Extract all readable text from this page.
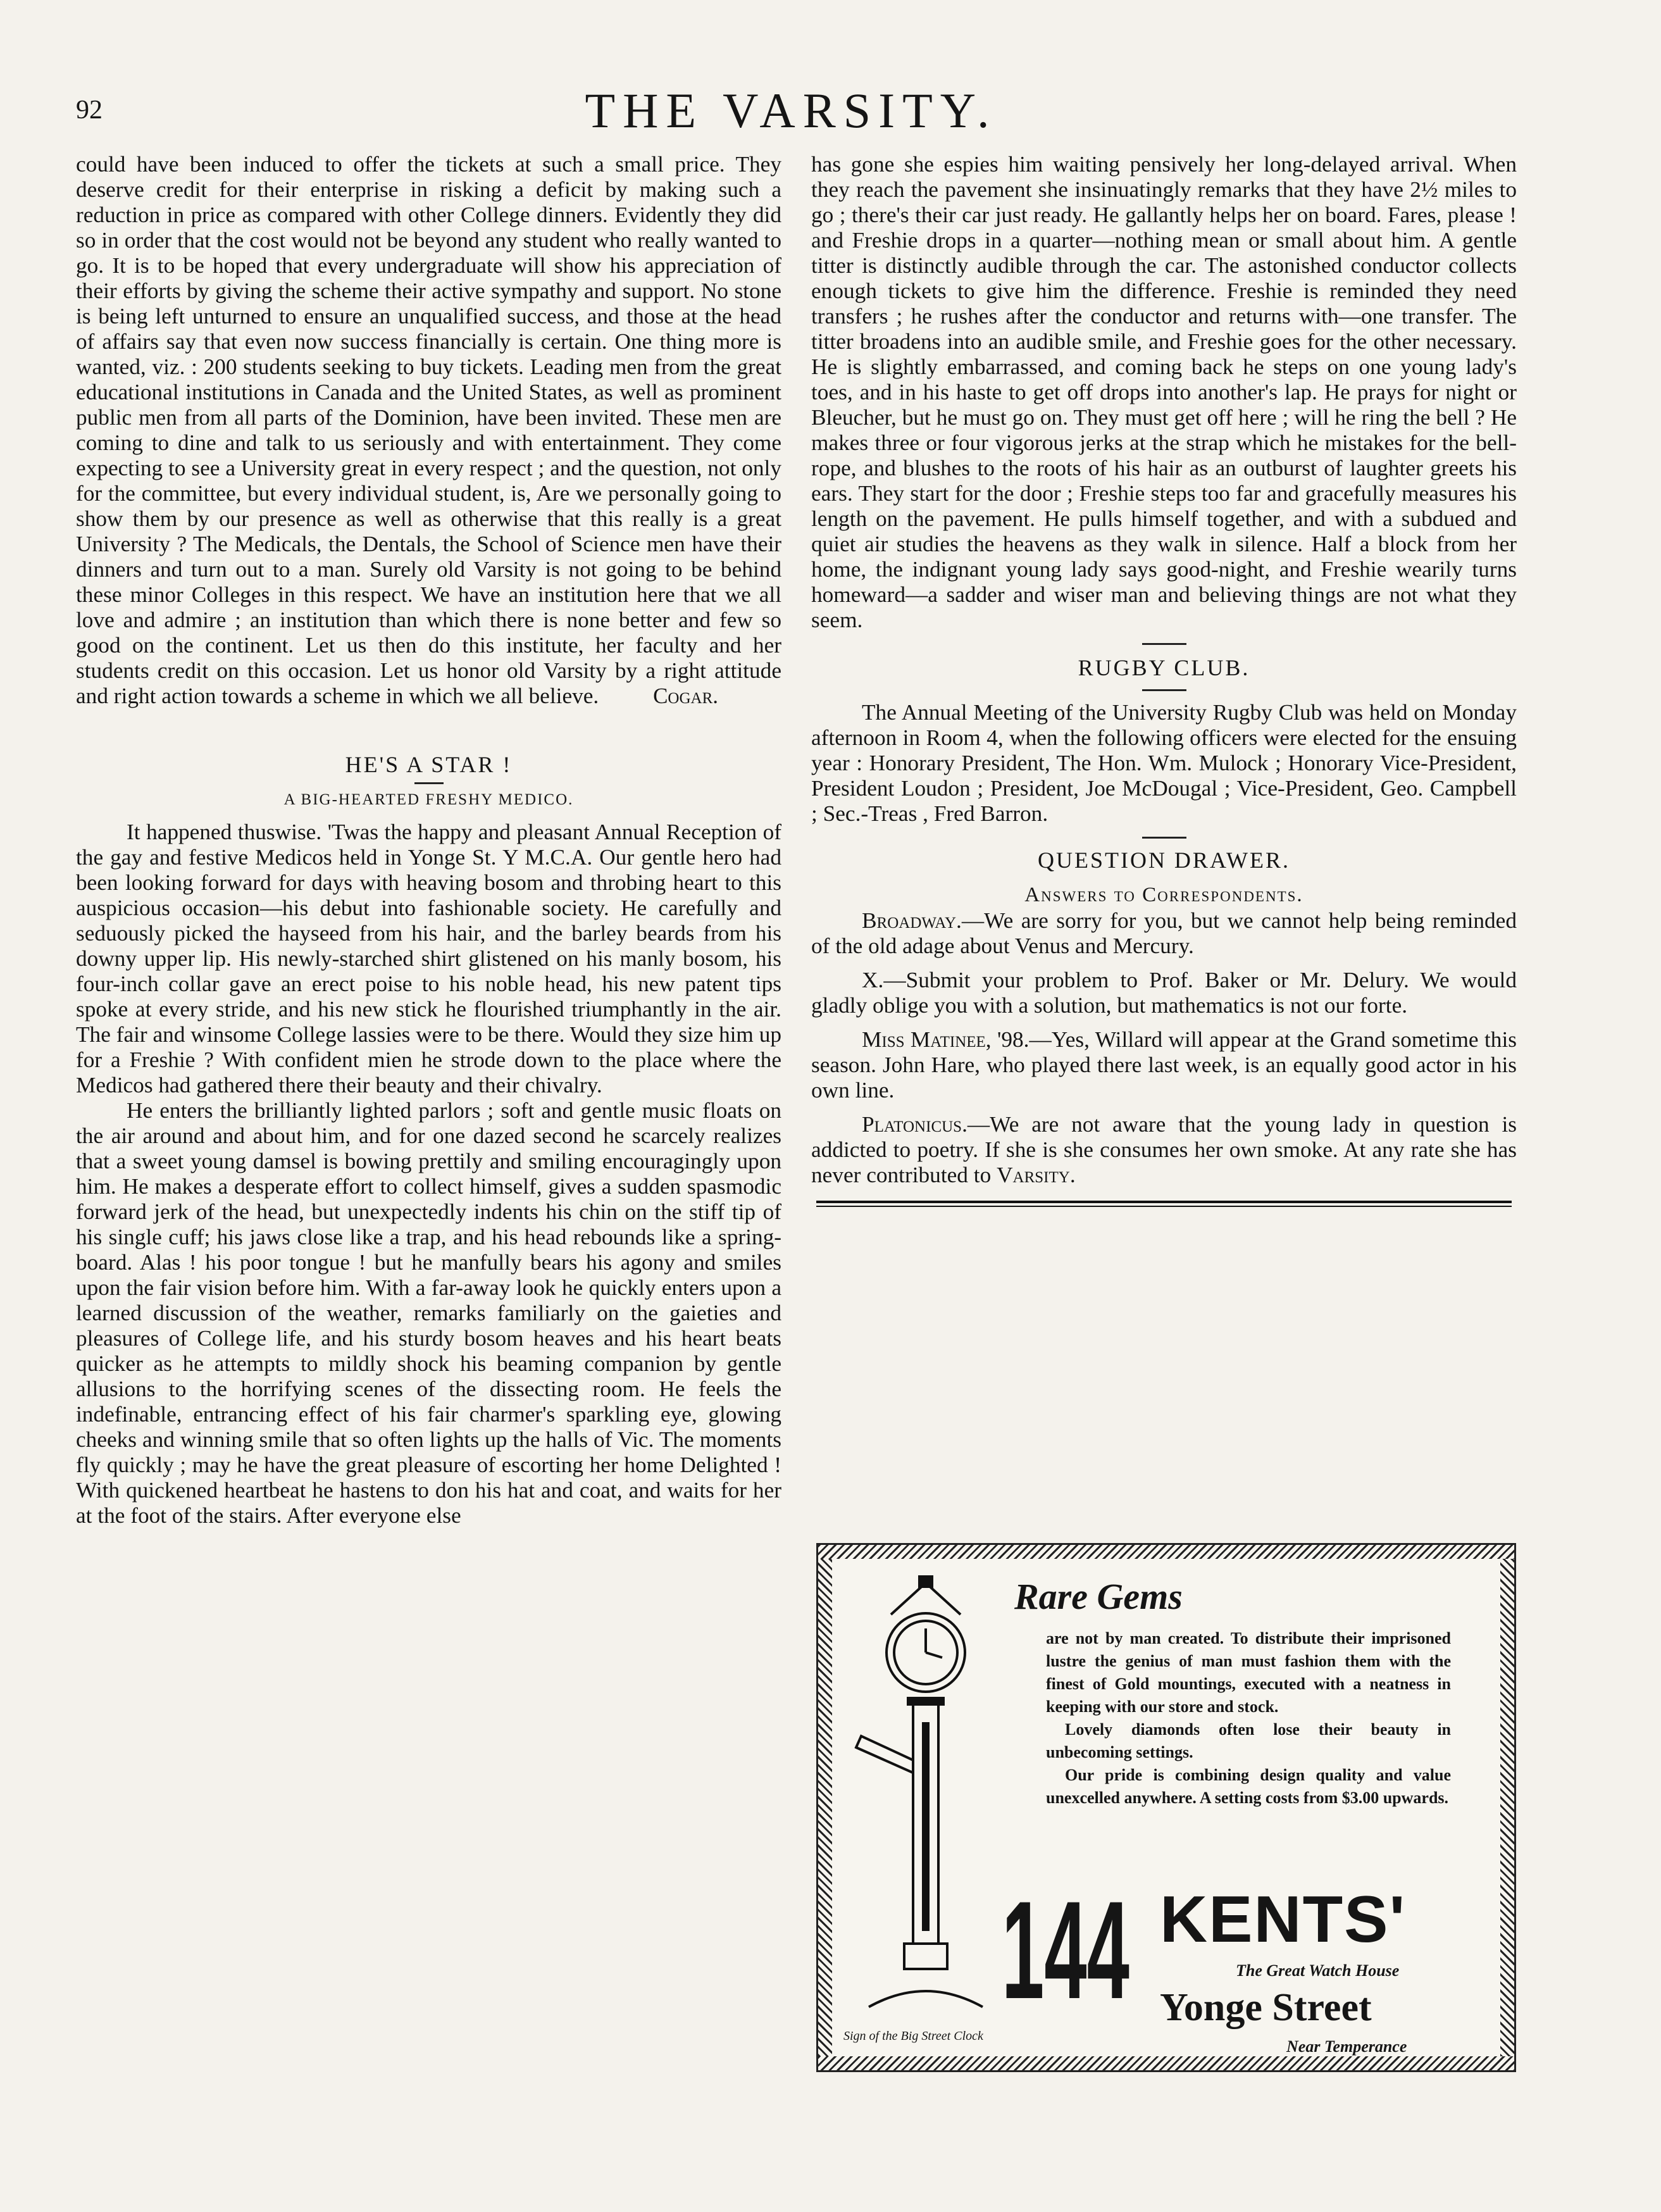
92	THE VARSITY.

could have been induced to offer the tickets at such a small price. They deserve credit for their enterprise in risking a deficit by making such a reduction in price as compared with other College dinners. Evidently they did so in order that the cost would not be beyond any student who really wanted to go. It is to be hoped that every undergraduate will show his appreciation of their efforts by giving the scheme their active sympathy and support. No stone is being left unturned to ensure an unqualified success, and those at the head of affairs say that even now success financially is certain. One thing more is wanted, viz. : 200 students seeking to buy tickets. Leading men from the great educational institutions in Canada and the United States, as well as prominent public men from all parts of the Dominion, have been invited. These men are coming to dine and talk to us seriously and with entertainment. They come expecting to see a University great in every respect ; and the question, not only for the committee, but every individual student, is, Are we personally going to show them by our presence as well as otherwise that this really is a great University ? The Medicals, the Dentals, the School of Science men have their dinners and turn out to a man. Surely old Varsity is not going to be behind these minor Colleges in this respect. We have an institution here that we all love and admire ; an institution than which there is none better and few so good on the continent. Let us then do this institute, her faculty and her students credit on this occasion. Let us honor old Varsity by a right attitude and right action towards a scheme in which we all believe.	Cogar.
HE'S A STAR !
A BIG-HEARTED FRESHY MEDICO.

It happened thuswise. 'Twas the happy and pleasant Annual Reception of the gay and festive Medicos held in Yonge St. Y M.C.A. Our gentle hero had been looking forward for days with heaving bosom and throbing heart to this auspicious occasion—his debut into fashionable society. He carefully and seduously picked the hayseed from his hair, and the barley beards from his downy upper lip. His newly-starched shirt glistened on his manly bosom, his four-inch collar gave an erect poise to his noble head, his new patent tips spoke at every stride, and his new stick he flourished triumphantly in the air. The fair and winsome College lassies were to be there. Would they size him up for a Freshie ? With confident mien he strode down to the place where the Medicos had gathered there their beauty and their chivalry.

He enters the brilliantly lighted parlors ; soft and gentle music floats on the air around and about him, and for one dazed second he scarcely realizes that a sweet young damsel is bowing prettily and smiling encouragingly upon him. He makes a desperate effort to collect himself, gives a sudden spasmodic forward jerk of the head, but unexpectedly indents his chin on the stiff tip of his single cuff; his jaws close like a trap, and his head rebounds like a spring-board. Alas ! his poor tongue ! but he manfully bears his agony and smiles upon the fair vision before him. With a far-away look he quickly enters upon a learned discussion of the weather, remarks familiarly on the gaieties and pleasures of College life, and his sturdy bosom heaves and his heart beats quicker as he attempts to mildly shock his beaming companion by gentle allusions to the horrifying scenes of the dissecting room. He feels the indefinable, entrancing effect of his fair charmer's sparkling eye, glowing cheeks and winning smile that so often lights up the halls of Vic. The moments fly quickly ; may he have the great pleasure of escorting her home Delighted ! With quickened heartbeat he hastens to don his hat and coat, and waits for her at the foot of the stairs. After everyone else

has gone she espies him waiting pensively her long-delayed arrival. When they reach the pavement she insinuatingly remarks that they have 2½ miles to go ; there's their car just ready. He gallantly helps her on board. Fares, please ! and Freshie drops in a quarter—nothing mean or small about him. A gentle titter is distinctly audible through the car. The astonished conductor collects enough tickets to give him the difference. Freshie is reminded they need transfers ; he rushes after the conductor and returns with—one transfer. The titter broadens into an audible smile, and Freshie goes for the other necessary. He is slightly embarrassed, and coming back he steps on one young lady's toes, and in his haste to get off drops into another's lap. He prays for night or Bleucher, but he must go on. They must get off here ; will he ring the bell ? He makes three or four vigorous jerks at the strap which he mistakes for the bell-rope, and blushes to the roots of his hair as an outburst of laughter greets his ears. They start for the door ; Freshie steps too far and gracefully measures his length on the pavement. He pulls himself together, and with a subdued and quiet air studies the heavens as they walk in silence. Half a block from her home, the indignant young lady says good-night, and Freshie wearily turns homeward—a sadder and wiser man and believing things are not what they seem.

RUGBY CLUB.

The Annual Meeting of the University Rugby Club was held on Monday afternoon in Room 4, when the following officers were elected for the ensuing year : Honorary President, The Hon. Wm. Mulock ; Honorary Vice-President, President Loudon ; President, Joe McDougal ; Vice-President, Geo. Campbell ; Sec.-Treas , Fred Barron.

QUESTION DRAWER.
Answers to Correspondents.

Broadway.—We are sorry for you, but we cannot help being reminded of the old adage about Venus and Mercury.

X.—Submit your problem to Prof. Baker or Mr. Delury. We would gladly oblige you with a solution, but mathematics is not our forte.

Miss Matinee, '98.—Yes, Willard will appear at the Grand sometime this season. John Hare, who played there last week, is an equally good actor in his own line.

Platonicus.—We are not aware that the young lady in question is addicted to poetry. If she is she consumes her own smoke. At any rate she has never contributed to Varsity.

Rare Gems
are not by man created. To distribute their imprisoned lustre the genius of man must fashion them with the finest of Gold mountings, executed with a neatness in keeping with our store and stock.
Lovely diamonds often lose their beauty in unbecoming settings.
Our pride is combining design quality and value unexcelled anywhere. A setting costs from $3.00 upwards.
144 KENTS'
The Great Watch House
Yonge Street
Near Temperance
Sign of the Big Street Clock
